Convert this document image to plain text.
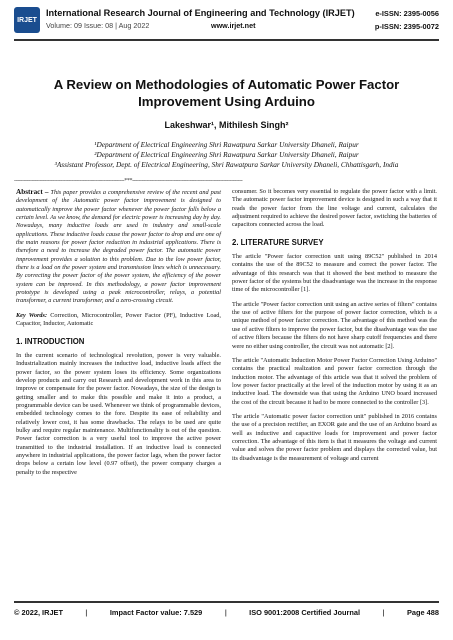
IRJET
International Research Journal of Engineering and Technology (IRJET)
Volume: 09 Issue: 08 | Aug 2022	www.irjet.net
e-ISSN: 2395-0056
p-ISSN: 2395-0072
A Review on Methodologies of Automatic Power Factor Improvement Using Arduino
Lakeshwar¹, Mithilesh Singh²
¹Department of Electrical Engineering Shri Rawatpura Sarkar University Dhaneli, Raipur
²Department of Electrical Engineering Shri Rawatpura Sarkar University Dhaneli, Raipur
³Assistant Professor, Dept. of Electrical Engineering, Shri Rawatpura Sarkar University Dhaneli, Chhattisgarh, India
---------------------------------------------------------------------***---------------------------------------------------------------------

Abstract – This paper provides a comprehensive review of the recent and past development of the Automatic power factor improvement is designed to automatically improve the power factor whenever the power factor falls below a certain level. As we know, the demand for electric power is increasing day by day. Nowadays, many inductive loads are used in industry and small-scale applications. These inductive loads cause the power factor to drop and are one of the main reasons for power factor reduction in industrial applications. There is therefore a need to increase the degraded power factor. The automatic power improvement provides a solution to this problem. Due to the low power factor, there is a load on the power system and transmission lines which is unnecessary. By correcting the power factor of the power system, the efficiency of the power system can be improved. In this methodology, a power factor improvement prototype is developed using a peak microcontroller, relays, a potential transformer, a current transformer, and a zero-crossing circuit.

Key Words: Correction, Microcontroller, Power Factor (PF), Inductive Load, Capacitor, Inductor, Automatic

1. INTRODUCTION

In the current scenario of technological revolution, power is very valuable. Industrialization mainly increases the inductive load, inductive loads affect the power factor, so the power system loses its efficiency. Some organizations develop products and carry out Research and development work in this area to improve or compensate for the power factor. Nowadays, the size of the design is getting smaller and to make this possible and make it into a product, a programmable device can be used. Whenever we think of programmable devices, embedded technology comes to the fore. Despite its ease of reliability and relatively lower cost, it has some drawbacks. The relays to be used are quite bulky and require regular maintenance. Multifunctionality is out of the question. Power factor correction is a very useful tool to improve the active power transmitted to the industrial installation. If an inductive load is connected anywhere in industrial applications, the power factor lags, when the power factor drops below a certain low level (0.97 offset), the power company charges a penalty to the respective

consumer. So it becomes very essential to regulate the power factor with a limit. The automatic power factor improvement device is designed in such a way that it reads the power factor from the line voltage and current, calculates the adjustment required to achieve the desired power factor, switching the batteries of capacitors connected across the load.

2. LITERATURE SURVEY

The article "Power factor correction unit using 89C52" published in 2014 contains the use of the 89C52 to measure and correct the power factor. The advantage of this research was that it showed the best method to measure the power factor of the systems but the disadvantage was the increase in the response time of the microcontroller [1].

The article "Power factor correction unit using an active series of filters" contains the use of active filters for the purpose of power factor correction, which is a unique method of power factor correction. The advantage of this method was the use of active filters to improve the power factor, but the disadvantage was the use of active filters because the filters do not have sharp cutoff frequencies and there were no either using controller, the circuit was not automatic [2].

The article "Automatic Induction Motor Power Factor Correction Using Arduino" contains the practical realization and power factor correction through the induction motor. The advantage of this article was that it solved the problem of low power factor practically at the level of the induction motor by using it as an inductive load. The downside was that using the Arduino UNO board increased the cost of the circuit because it had to be more connected to the controller [3].

The article "Automatic power factor correction unit" published in 2016 contains the use of a precision rectifier, an EXOR gate and the use of an Arduino board as well as inductive and capacitive loads for improvement and power factor correction. The advantage of this item is that it measures the voltage and current value and solves the power factor problem and displays the corrected value, but its disadvantage is the measurement of voltage and current

© 2022, IRJET	|	Impact Factor value: 7.529	|	ISO 9001:2008 Certified Journal	|	Page 488
